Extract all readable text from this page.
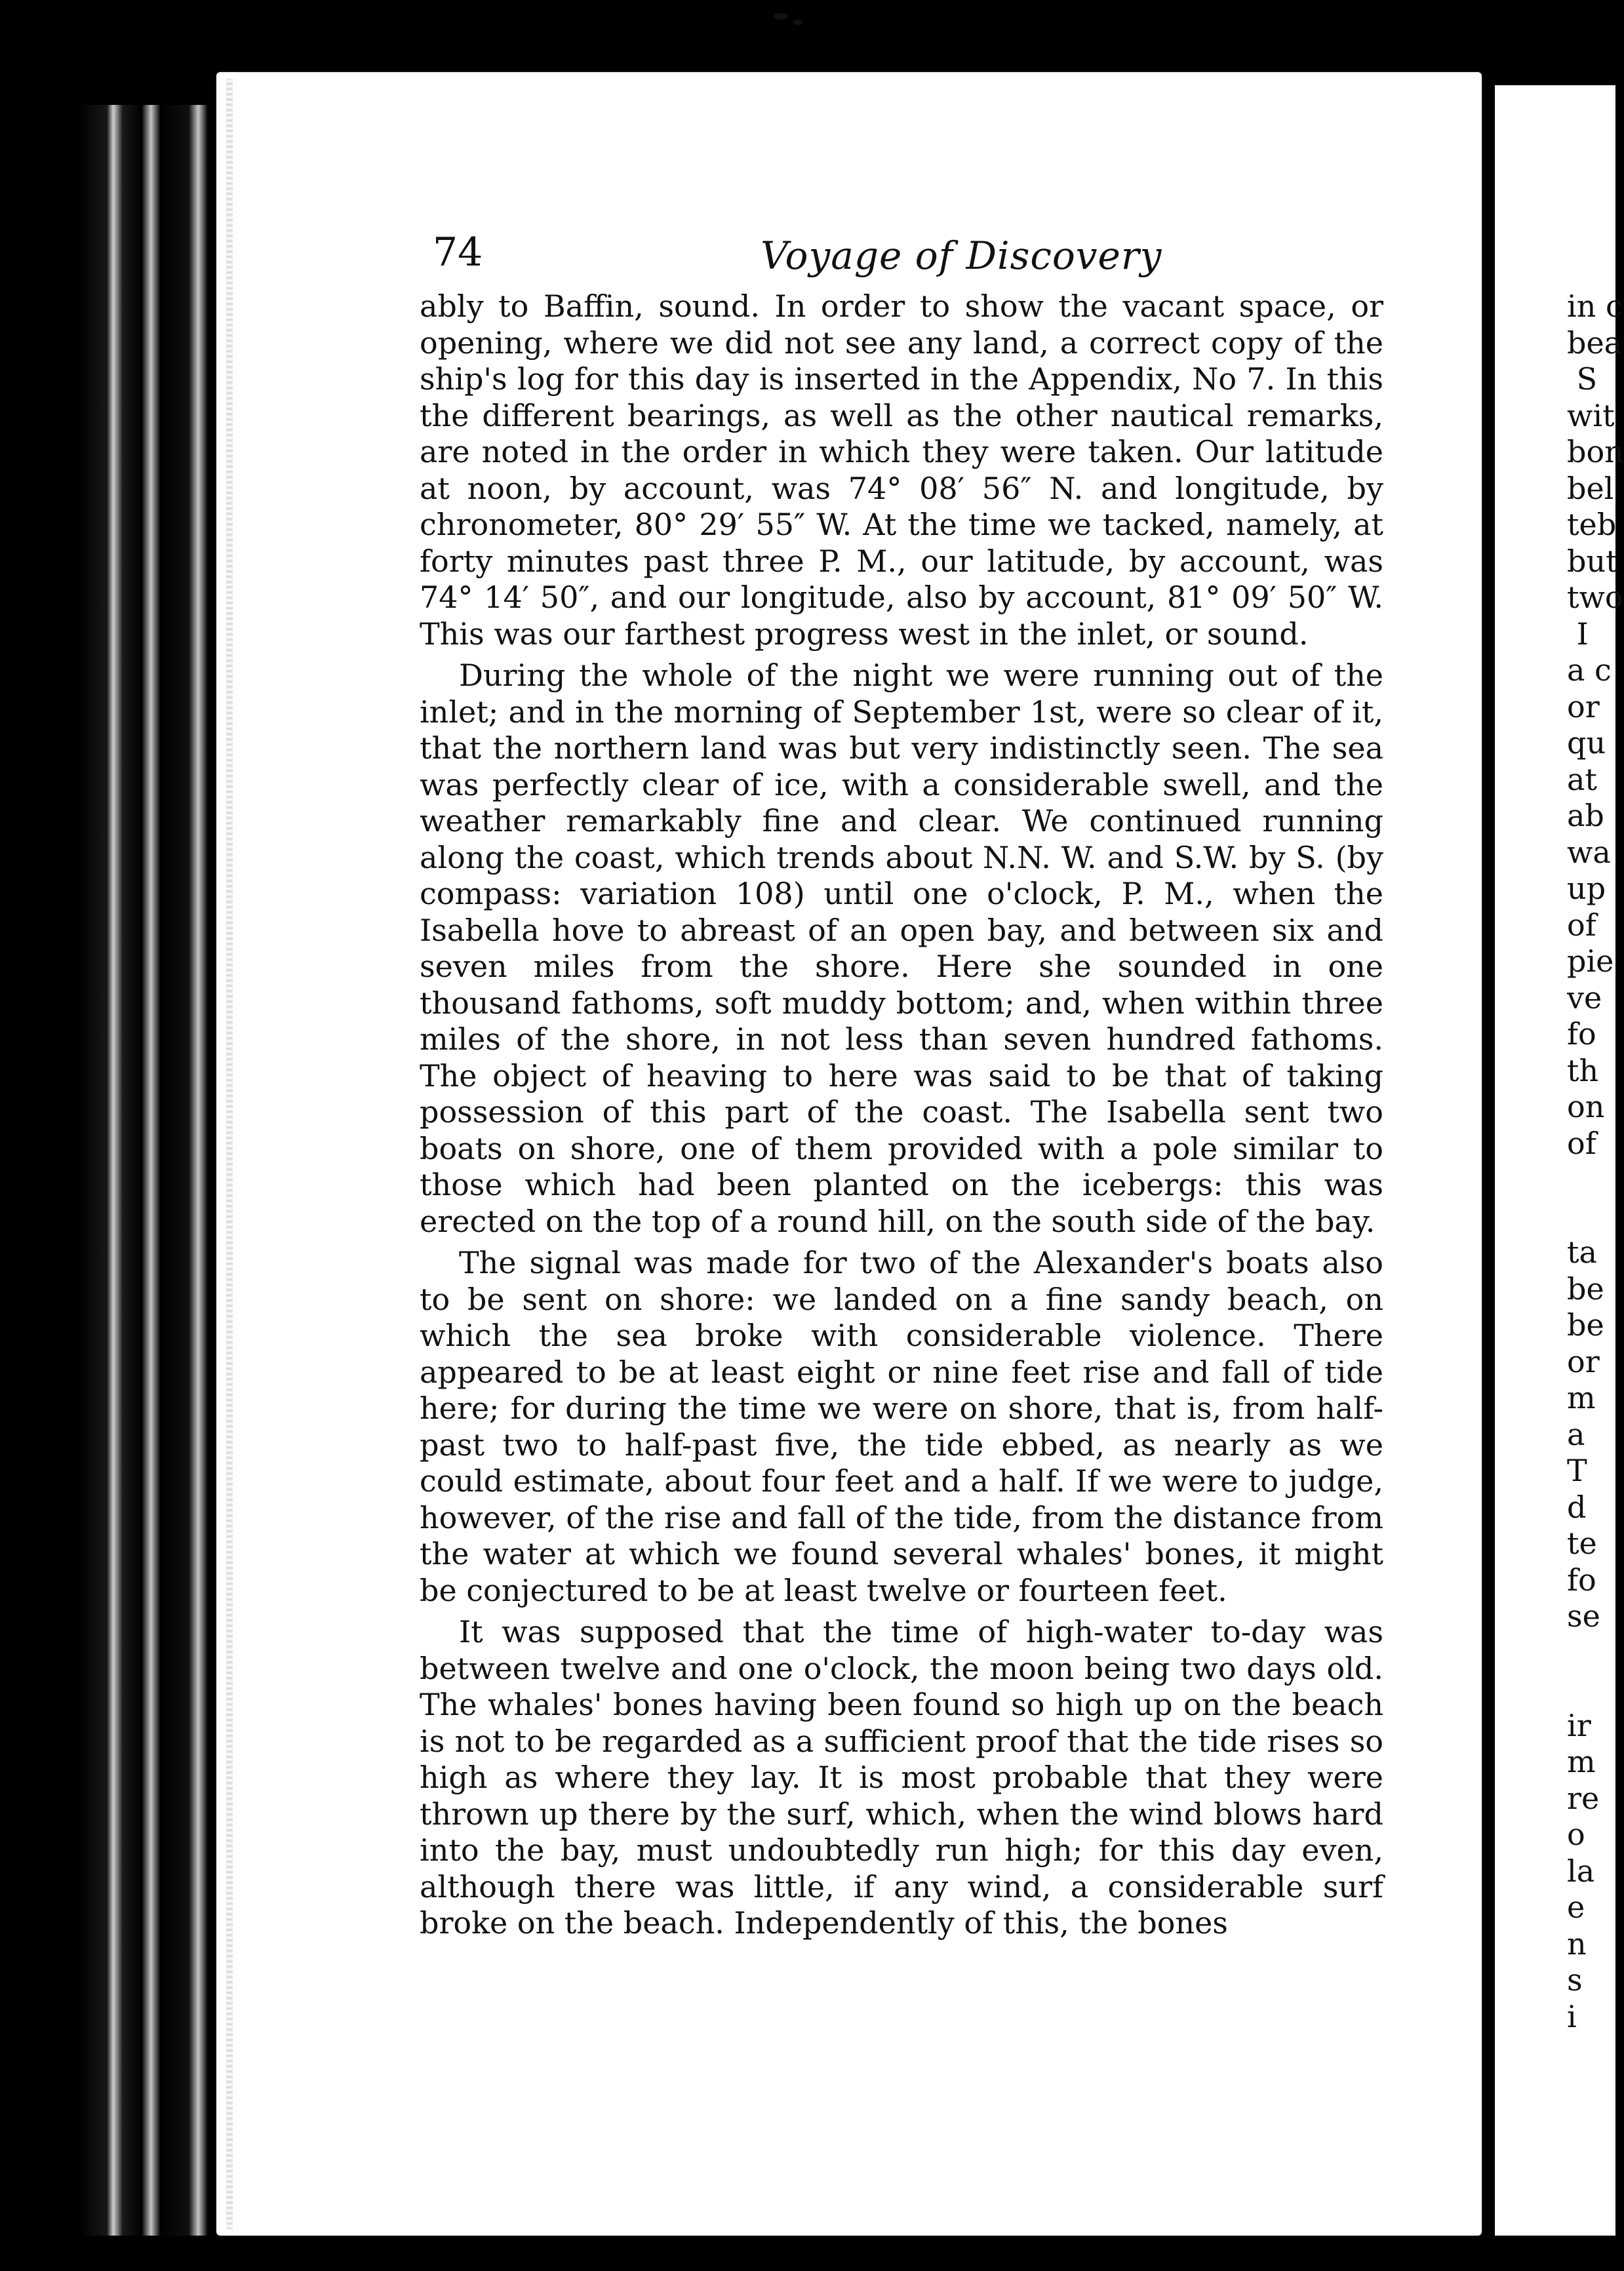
74	Voyage of Discovery

ably to Baffin, sound. In order to show the vacant space, or opening, where we did not see any land, a correct copy of the ship's log for this day is inserted in the Appendix, No 7. In this the different bearings, as well as the other nautical remarks, are noted in the order in which they were taken. Our latitude at noon, by account, was 74° 08′ 56″ N. and longitude, by chronometer, 80° 29′ 55″ W. At the time we tacked, namely, at forty minutes past three P. M., our latitude, by account, was 74° 14′ 50″, and our longitude, also by account, 81° 09′ 50″ W. This was our farthest progress west in the inlet, or sound.

During the whole of the night we were running out of the inlet; and in the morning of September 1st, were so clear of it, that the northern land was but very indistinctly seen. The sea was perfectly clear of ice, with a considerable swell, and the weather remarkably fine and clear. We continued running along the coast, which trends about N.N. W. and S.W. by S. (by compass: variation 108) until one o'clock, P. M., when the Isabella hove to abreast of an open bay, and between six and seven miles from the shore. Here she sounded in one thousand fathoms, soft muddy bottom; and, when within three miles of the shore, in not less than seven hundred fathoms. The object of heaving to here was said to be that of taking possession of this part of the coast. The Isabella sent two boats on shore, one of them provided with a pole similar to those which had been planted on the icebergs: this was erected on the top of a round hill, on the south side of the bay.

The signal was made for two of the Alexander's boats also to be sent on shore: we landed on a fine sandy beach, on which the sea broke with considerable violence. There appeared to be at least eight or nine feet rise and fall of tide here; for during the time we were on shore, that is, from half-past two to half-past five, the tide ebbed, as nearly as we could estimate, about four feet and a half. If we were to judge, however, of the rise and fall of the tide, from the distance from the water at which we found several whales' bones, it might be conjectured to be at least twelve or fourteen feet.

It was supposed that the time of high-water to-day was between twelve and one o'clock, the moon being two days old. The whales' bones having been found so high up on the beach is not to be regarded as a sufficient proof that the tide rises so high as where they lay. It is most probable that they were thrown up there by the surf, which, when the wind blows hard into the bay, must undoubtedly run high; for this day even, although there was little, if any wind, a considerable surf broke on the beach. Independently of this, the bones

in c
bea
S
wit
bon
bel
teb
but
two
I
a c
or
qu
at
ab
wa
up
of
pie
ve
fo
th
on
of

ta
be
be
or
m
a
T
d
te
fo
se

ir
m
re
o
la
e
n
s
i
